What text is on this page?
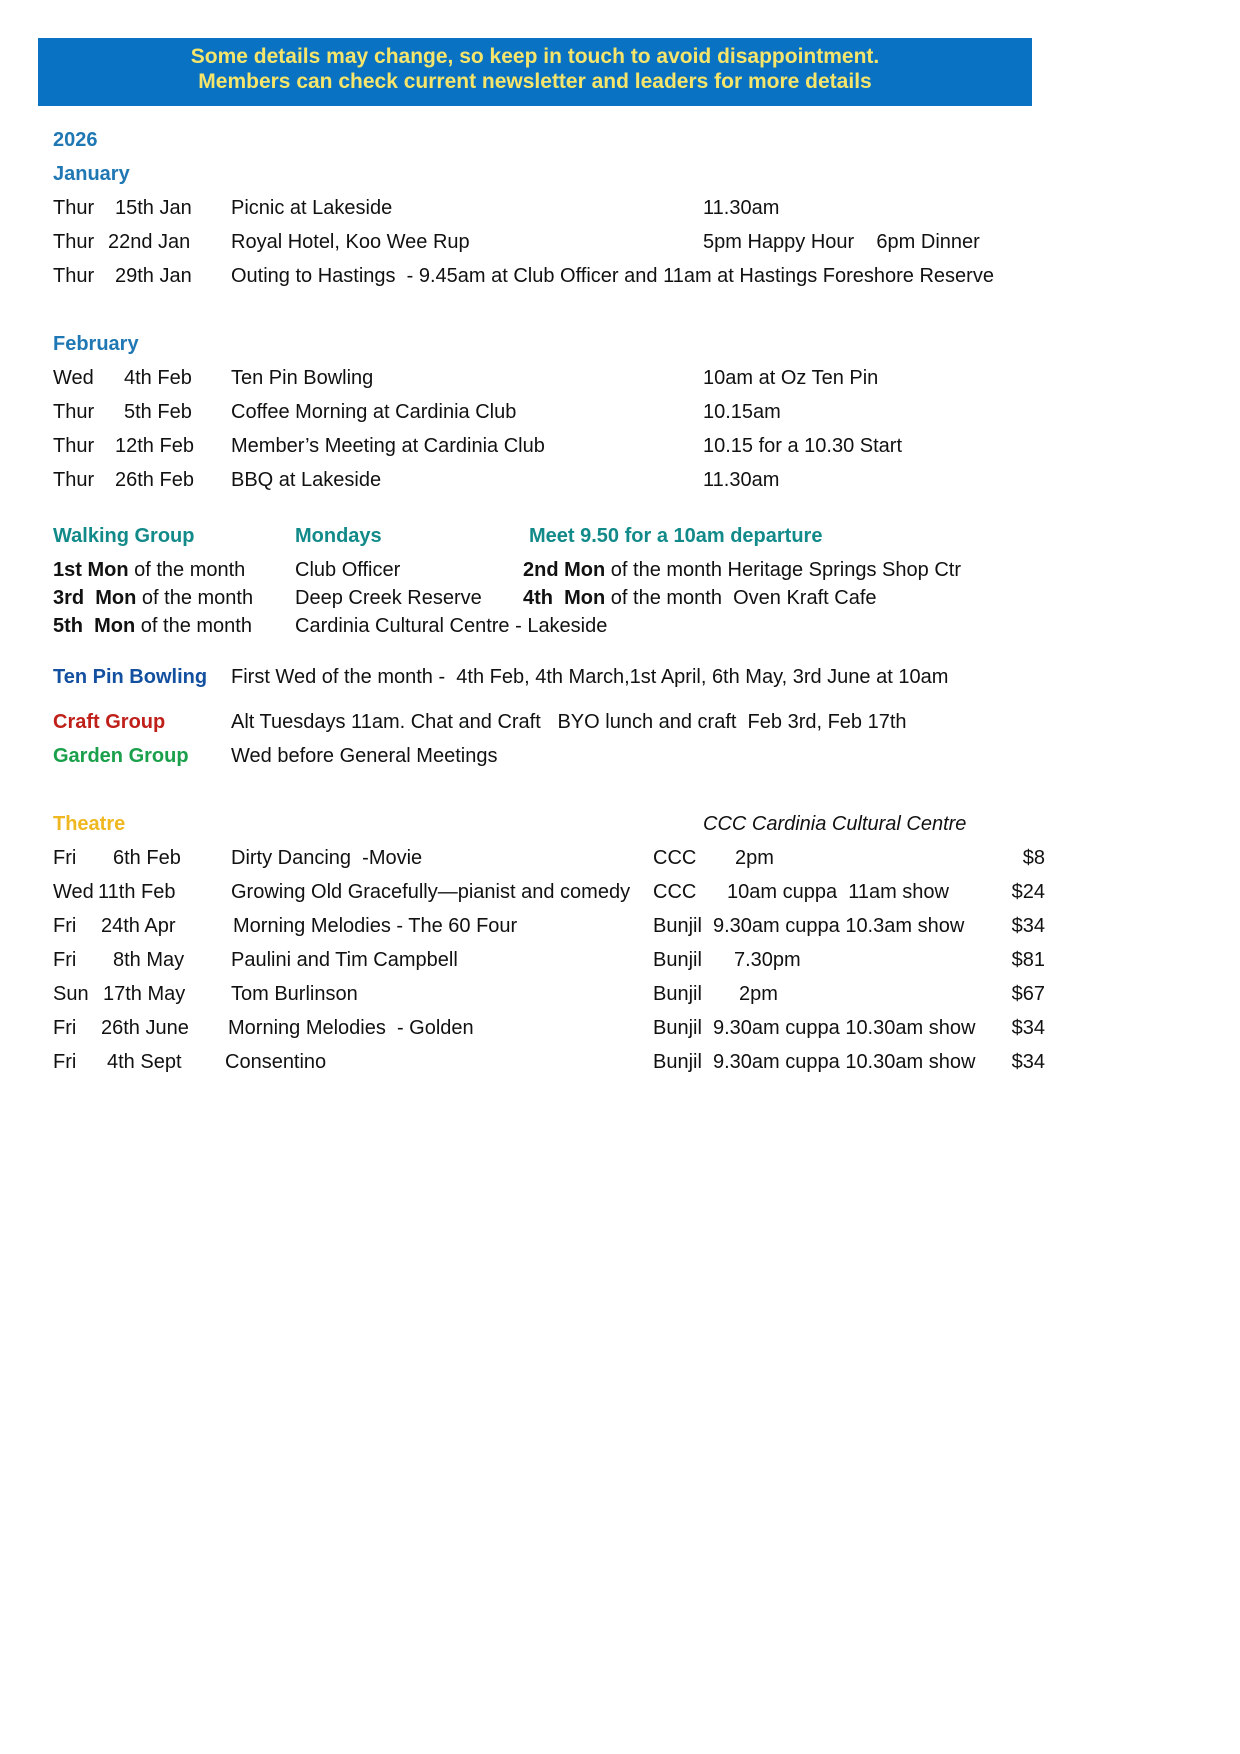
Some details may change, so keep in touch to avoid disappointment.
Members can check current newsletter and leaders for more details
2026
January
Thur 15th Jan Picnic at Lakeside	11.30am
Thur 22nd Jan Royal Hotel, Koo Wee Rup	5pm Happy Hour    6pm Dinner
Thur 29th Jan Outing to Hastings  - 9.45am at Club Officer and 11am at Hastings Foreshore Reserve
February
Wed 4th Feb Ten Pin Bowling	10am at Oz Ten Pin
Thur 5th Feb Coffee Morning at Cardinia Club	10.15am
Thur 12th Feb Member’s Meeting at Cardinia Club	10.15 for a 10.30 Start
Thur 26th Feb BBQ at Lakeside	11.30am
Walking Group	Mondays	Meet 9.50 for a 10am departure
1st Mon of the month Club Officer	2nd Mon of the month Heritage Springs Shop Ctr
3rd Mon of the month Deep Creek Reserve 4th Mon of the month Oven Kraft Cafe
5th Mon of the month Cardinia Cultural Centre - Lakeside
Ten Pin Bowling First Wed of the month -  4th Feb, 4th March,1st April, 6th May, 3rd June at 10am
Craft Group	Alt Tuesdays 11am. Chat and Craft   BYO lunch and craft  Feb 3rd, Feb 17th
Garden Group Wed before General Meetings
Theatre	CCC Cardinia Cultural Centre
Fri 6th Feb	Dirty Dancing  -Movie	CCC 2pm	$8
Wed 11th Feb	Growing Old Gracefully—pianist and comedy CCC 10am cuppa  11am show	$24
Fri 24th Apr	Morning Melodies - The 60 Four	Bunjil 9.30am cuppa 10.3am show $34
Fri 8th May Paulini and Tim Campbell	Bunjil 7.30pm	$81
Sun 17th May Tom Burlinson	Bunjil 2pm	$67
Fri 26th June Morning Melodies  - Golden	Bunjil 9.30am cuppa 10.30am show $34
Fri 4th Sept Consentino	Bunjil 9.30am cuppa 10.30am show $34
